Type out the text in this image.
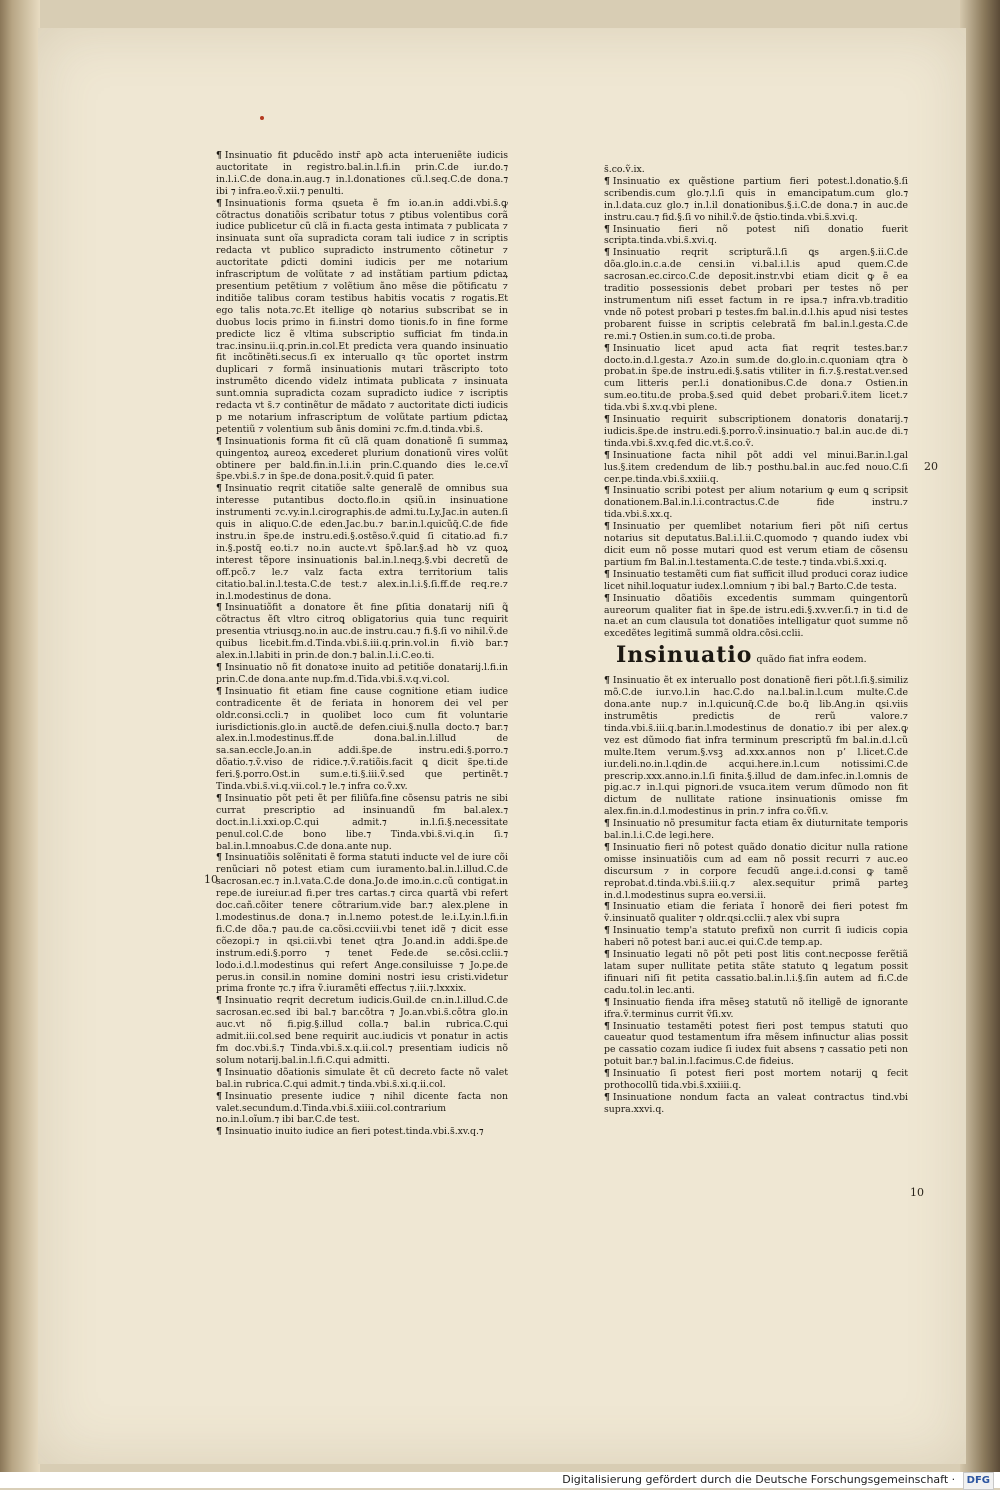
¶ Insinuatio fit ꝑducẽdo instr̃ apꝺ acta interueniẽte iudicis auctoritate in registro.bal.in.l.fi.in prin.C.de iur.do.⁊ in.l.i.C.de dona.in.aug.⁊ in.l.donationes cũ.l.seq.C.de dona.⁊ ibi ⁊ infra.eo.ṽ.xii.⁊ penulti.

¶ Insinuationis forma ɋsueta ẽ fm io.an.in addi.vbi.s̃.ꝙ cõtractus donatiõis scribatur totus ⁊ ꝑtibus volentibus corã iudice publicetur cũ clã in fi.acta gesta intimata ⁊ publicata ⁊ insinuata sunt oĩa supradicta coram tali iudice ⁊ in scriptis redacta vt publico supradicto instrumento cõtinetur ⁊ auctoritate ꝑdicti domini iudicis per me notarium infrascriptum de volũtate ⁊ ad instãtiam partium ꝑdictaꝝ presentium petẽtium ⁊ volẽtium ãno mẽse die põtificatu ⁊ inditiõe talibus coram testibus habitis vocatis ⁊ rogatis.Et ego talis nota.⁊c.Et itellige qꝺ notarius subscribat se in duobus locis primo in fi.instri domo tionis.fo in fine forme predicte licz ẽ vltima subscriptio sufficiat fm tinda.in trac.insinu.ii.q.prin.in.col.Et predicta vera quando insinuatio fit incõtinẽti.secus.ſi ex interuallo qꝛ tũc oportet instrm duplicari ⁊ formã insinuationis mutari trãscripto toto instrumẽto dicendo videlz intimata publicata ⁊ insinuata sunt.omnia supradicta cozam supradicto iudice ⁊ iscriptis redacta vt s̃.⁊ continẽtur de mãdato ⁊ auctoritate dicti iudicis p me notarium infrascriptum de volũtate partium ꝑdictaꝝ petentiũ ⁊ volentium sub ãnis domini ⁊c.fm.d.tinda.vbi.s̃.

¶ Insinuationis forma fit cũ clã quam donationẽ ſi summaꝝ quingentoꝝ aureoꝝ excederet plurium donationũ vires volũt obtinere per bald.fin.in.l.i.in prin.C.quando dies le.ce.vĩ s̃pe.vbi.s̃.⁊ in s̃pe.de dona.posit.ṽ.quid ſi pater.

¶ Insinuatio reqrit citatiõe salte generalẽ de omnibus sua interesse putantibus docto.flo.in ɋsiũ.in insinuatione instrumenti ⁊c.vy.in.l.cirographis.de admi.tu.Ly.Jac.in auten.ſi quis in aliquo.C.de eden.Jac.bu.⁊ bar.in.l.quicũq̃.C.de fide instru.in s̃pe.de instru.edi.§.ostẽso.ṽ.quid ſi citatio.ad fi.⁊ in.§.postq̃ eo.ti.⁊ no.in aucte.vt s̃põ.lar.§.ad hꝺ vz quoꝝ interest tẽpore insinuationis bal.in.l.neqꝫ.§.vbi decretũ de off.pcõ.⁊ le.⁊ valz facta extra territorium talis citatio.bal.in.l.testa.C.de test.⁊ alex.in.l.i.§.ſi.ff.de req.re.⁊ in.l.modestinus de dona.

¶ Insinuatiõfit a donatore ẽt fine ꝑſitia donatarij niſi ꝗ̃ cõtractus ẽſt vltro citroꝗ obligatorius quia tunc requirit presentia vtriusqꝫ.no.in auc.de instru.cau.⁊ fi.§.ſi vo nihil.ṽ.de quibus licebit.fm.d.Tinda.vbi.s̃.iii.q.prin.vol.in fi.viꝺ bar.⁊ alex.in.l.labiti in prin.de don.⁊ bal.in.l.i.C.eo.ti.

¶ Insinuatio nõ fit donatoꝛe inuito ad petitiõe donatarij.l.fi.in prin.C.de dona.ante nup.fm.d.Tida.vbi.s̃.v.q.vi.col.

¶ Insinuatio fit etiam fine cause cognitione etiam iudice contradicente ẽt de feriata in honorem dei vel per oldr.consi.ccli.⁊ in quolibet loco cum fit voluntarie iurisdictionis.glo.in auctẽ.de defen.ciui.§.nulla docto.⁊ bar.⁊ alex.in.l.modestinus.ff.de dona.bal.in.l.illud de sa.san.eccle.Jo.an.in addi.s̃pe.de instru.edi.§.porro.⁊ dõatio.⁊.ṽ.viso de ridice.⁊.ṽ.ratiõis.facit ꝗ dicit s̃pe.ti.de feri.§.porro.Ost.in sum.e.ti.§.iii.ṽ.sed que pertinẽt.⁊ Tinda.vbi.s̃.vi.q.vii.col.⁊ le.⁊ infra co.ṽ.xv.

¶ Insinuatio põt peti ẽt per filiũfa.fine cõsensu patris ne sibi currat prescriptio ad insinuandũ fm bal.alex.⁊ doct.in.l.i.xxi.op.C.qui admit.⁊ in.l.ſi.§.necessitate penul.col.C.de bono libe.⁊ Tinda.vbi.s̃.vi.q.in ſi.⁊ bal.in.l.mnoabus.C.de dona.ante nup.

¶ Insinuatiõis solẽnitati ẽ forma statuti inducte vel de iure cõi renũciari nõ potest etiam cum iuramento.bal.in.l.illud.C.de sacrosan.ec.⁊ in.l.vata.C.de dona.Jo.de imo.in.c.cũ contigat.in repe.de iureiur.ad fi.per tres cartas.⁊ circa quartã vbi refert doc.cañ.cõiter tenere cõtrarium.vide bar.⁊ alex.plene in l.modestinus.de dona.⁊ in.l.nemo potest.de le.i.Ly.in.l.fi.in fi.C.de dõa.⁊ pau.de ca.cõsi.ccviii.vbi tenet idẽ ⁊ dicit esse cõezopi.⁊ in ɋsi.cii.vbi tenet ɋtra Jo.and.in addi.s̃pe.de instrum.edi.§.porro ⁊ tenet Fede.de se.cõsi.cclii.⁊ lodo.i.d.l.modestinus qui refert Ange.consiluisse ⁊ Jo.pe.de perus.in consil.in nomine domini nostri iesu cristi.videtur prima fronte ⁊c.⁊ ifra ṽ.iuramẽti effectus ⁊.iii.⁊.lxxxix.

¶ Insinuatio reqrit decretum iudicis.Guil.de cn.in.l.illud.C.de sacrosan.ec.sed ibi bal.⁊ bar.cõtra ⁊ Jo.an.vbi.s̃.cõtra glo.in auc.vt nõ fi.pig.§.illud colla.⁊ bal.in rubrica.C.qui admit.iii.col.sed bene requirit auc.iudicis vt ponatur in actis fm doc.vbi.s̃.⁊ Tinda.vbi.s̃.x.q.ii.col.⁊ presentiam iudicis nõ solum notarij.bal.in.l.fi.C.qui admitti.

¶ Insinuatio dõationis simulate ẽt cũ decreto facte nõ valet bal.in rubrica.C.qui admit.⁊ tinda.vbi.s̃.xi.q.ii.col.

¶ Insinuatio presente iudice ⁊ nihil dicente facta non valet.secundum.d.Tinda.vbi.s̃.xiiii.col.contrarium no.in.l.oĩum.⁊ ibi bar.C.de test.

¶ Insinuatio inuito iudice an fieri potest.tinda.vbi.s̃.xv.q.⁊

s̃.co.ṽ.ix.

¶ Insinuatio ex quẽstione partium fieri potest.l.donatio.§.ſi scribendis.cum glo.⁊.l.ſi quis in emancipatum.cum glo.⁊ in.l.data.cuz glo.⁊ in.l.il donationibus.§.i.C.de dona.⁊ in auc.de instru.cau.⁊ fid.§.ſi vo nihil.ṽ.de q̃stio.tinda.vbi.s̃.xvi.q.

¶ Insinuatio fieri nõ potest niſi donatio fuerit scripta.tinda.vbi.s̃.xvi.q.

¶ Insinuatio reqrit scripturã.l.ſi ꝗs argen.§.ii.C.de dõa.glo.in.c.a.de censi.in vi.bal.i.l.is apud quem.C.de sacrosan.ec.circo.C.de deposit.instr.vbi etiam dicit ꝙ ẽ ea traditio possessionis debet probari per testes nõ per instrumentum niſi esset factum in re ipsa.⁊ infra.vb.traditio vnde nõ potest probari p testes.fm bal.in.d.l.his apud nisi testes probarent fuisse in scriptis celebratã fm bal.in.l.gesta.C.de re.mi.⁊ Ostien.in sum.co.ti.de proba.

¶ Insinuatio licet apud acta fiat reqrit testes.bar.⁊ docto.in.d.l.gesta.⁊ Azo.in sum.de do.glo.in.c.quoniam ɋtra ꝺ probat.in s̃pe.de instru.edi.§.satis vtiliter in fi.⁊.§.restat.ver.sed cum litteris per.l.i donationibus.C.de dona.⁊ Ostien.in sum.eo.titu.de proba.§.sed quid debet probari.ṽ.item licet.⁊ tida.vbi s̃.xv.q.vbi plene.

¶ Insinuatio requirit subscriptionem donatoris donatarij.⁊ iudicis.s̃pe.de instru.edi.§.porro.ṽ.insinuatio.⁊ bal.in auc.de di.⁊ tinda.vbi.s̃.xv.q.fed dic.vt.s̃.co.ṽ.

¶ Insinuatione facta nihil põt addi vel minui.Bar.in.l.gal lus.§.item credendum de lib.⁊ posthu.bal.in auc.fed nouo.C.ſi cer.pe.tinda.vbi.s̃.xxiii.q.

¶ Insinuatio scribi potest per alium notarium ꝙ eum ꝗ scripsit donationem.Bal.in.l.i.contractus.C.de fide instru.⁊ tida.vbi.s̃.xx.q.

¶ Insinuatio per quemlibet notarium fieri põt niſi certus notarius sit deputatus.Bal.i.l.ii.C.quomodo ⁊ quando iudex vbi dicit eum nõ posse mutari quod est verum etiam de cõsensu partium fm Bal.in.l.testamenta.C.de teste.⁊ tinda.vbi.s̃.xxi.q.

¶ Insinuatio testamẽti cum fiat sufficit illud produci coraz iudice licet nihil.loquatur iudex.l.omnium ⁊ ibi bal.⁊ Barto.C.de testa.

¶ Insinuatio dõatiõis excedentis summam quingentorũ aureorum qualiter fiat in s̃pe.de istru.edi.§.xv.ver.ſi.⁊ in ti.d de na.et an cum clausula tot donatiões intelligatur quot summe nõ excedẽtes legitimã summã oldra.cõsi.cclii.

Insinuatio quãdo fiat infra eodem.

¶ Insinuatio ẽt ex interuallo post donationẽ fieri põt.l.ſi.§.similiz mõ.C.de iur.vo.l.in hac.C.do na.l.bal.in.l.cum multe.C.de dona.ante nup.⁊ in.l.quicunq̃.C.de bo.q̃ lib.Ang.in ɋsi.viis instrumẽtis predictis de rerũ valore.⁊ tinda.vbi.s̃.iii.q.bar.in.l.modestinus de donatio.⁊ ibi per alex.ꝙ vez est dũmodo fiat infra terminum prescriptũ fm bal.in.d.l.cũ multe.Item verum.§.vsꝫ ad.xxx.annos non pʼ l.licet.C.de iur.deli.no.in.l.ɋdin.de acqui.here.in.l.cum notissimi.C.de prescrip.xxx.anno.in.l.ſi finita.§.illud de dam.infec.in.l.omnis de pig.ac.⁊ in.l.qui pignori.de vsuca.item verum dũmodo non fit dictum de nullitate ratione insinuationis omisse fm alex.fin.in.d.l.modestinus in prin.⁊ infra co.ṽſi.v.

¶ Insinuatio nõ presumitur facta etiam ẽx diuturnitate temporis bal.in.l.i.C.de legi.here.

¶ Insinuatio fieri nõ potest quãdo donatio dicitur nulla ratione omisse insinuatiõis cum ad eam nõ possit recurri ⁊ auc.eo discursum ⁊ in corpore fecudũ ange.i.d.consi ꝙ tamẽ reprobat.d.tinda.vbi.s̃.iii.q.⁊ alex.sequitur primã parteꝫ in.d.l.modestinus supra eo.versi.ii.

¶ Insinuatio etiam die feriata ĩ honorẽ dei fieri potest fm ṽ.insinuatõ qualiter ⁊ oldr.ɋsi.cclii.⁊ alex vbi supra

¶ Insinuatio temp'a statuto prefixũ non currit ſi iudicis copia haberi nõ potest bar.i auc.ei qui.C.de temp.ap.

¶ Insinuatio legati nõ põt peti post litis cont.necposse ferẽtiã latam super nullitate petita stãte statuto ꝗ legatum possit ifinuari niſi fit petita cassatio.bal.in.l.i.§.ſin autem ad fi.C.de cadu.tol.in lec.anti.

¶ Insinuatio fienda ifra mẽseꝫ statutũ nõ itelligẽ de ignorante ifra.ṽ.terminus currit ṽſi.xv.

¶ Insinuatio testamẽti potest fieri post tempus statuti quo caueatur quod testamentum ifra mẽsem infinuctur alias possit pe cassatio cozam iudice ſi iudex fuit absens ⁊ cassatio peti non potuit bar.⁊ bal.in.l.facimus.C.de fideius.

¶ Insinuatio ſi potest fieri post mortem notarij ꝗ fecit prothocollũ tida.vbi.s̃.xxiiii.q.

¶ Insinuatione nondum facta an valeat contractus tind.vbi supra.xxvi.q.

10
20
10
Digitalisierung gefördert durch die Deutsche Forschungsgemeinschaft · DFG
